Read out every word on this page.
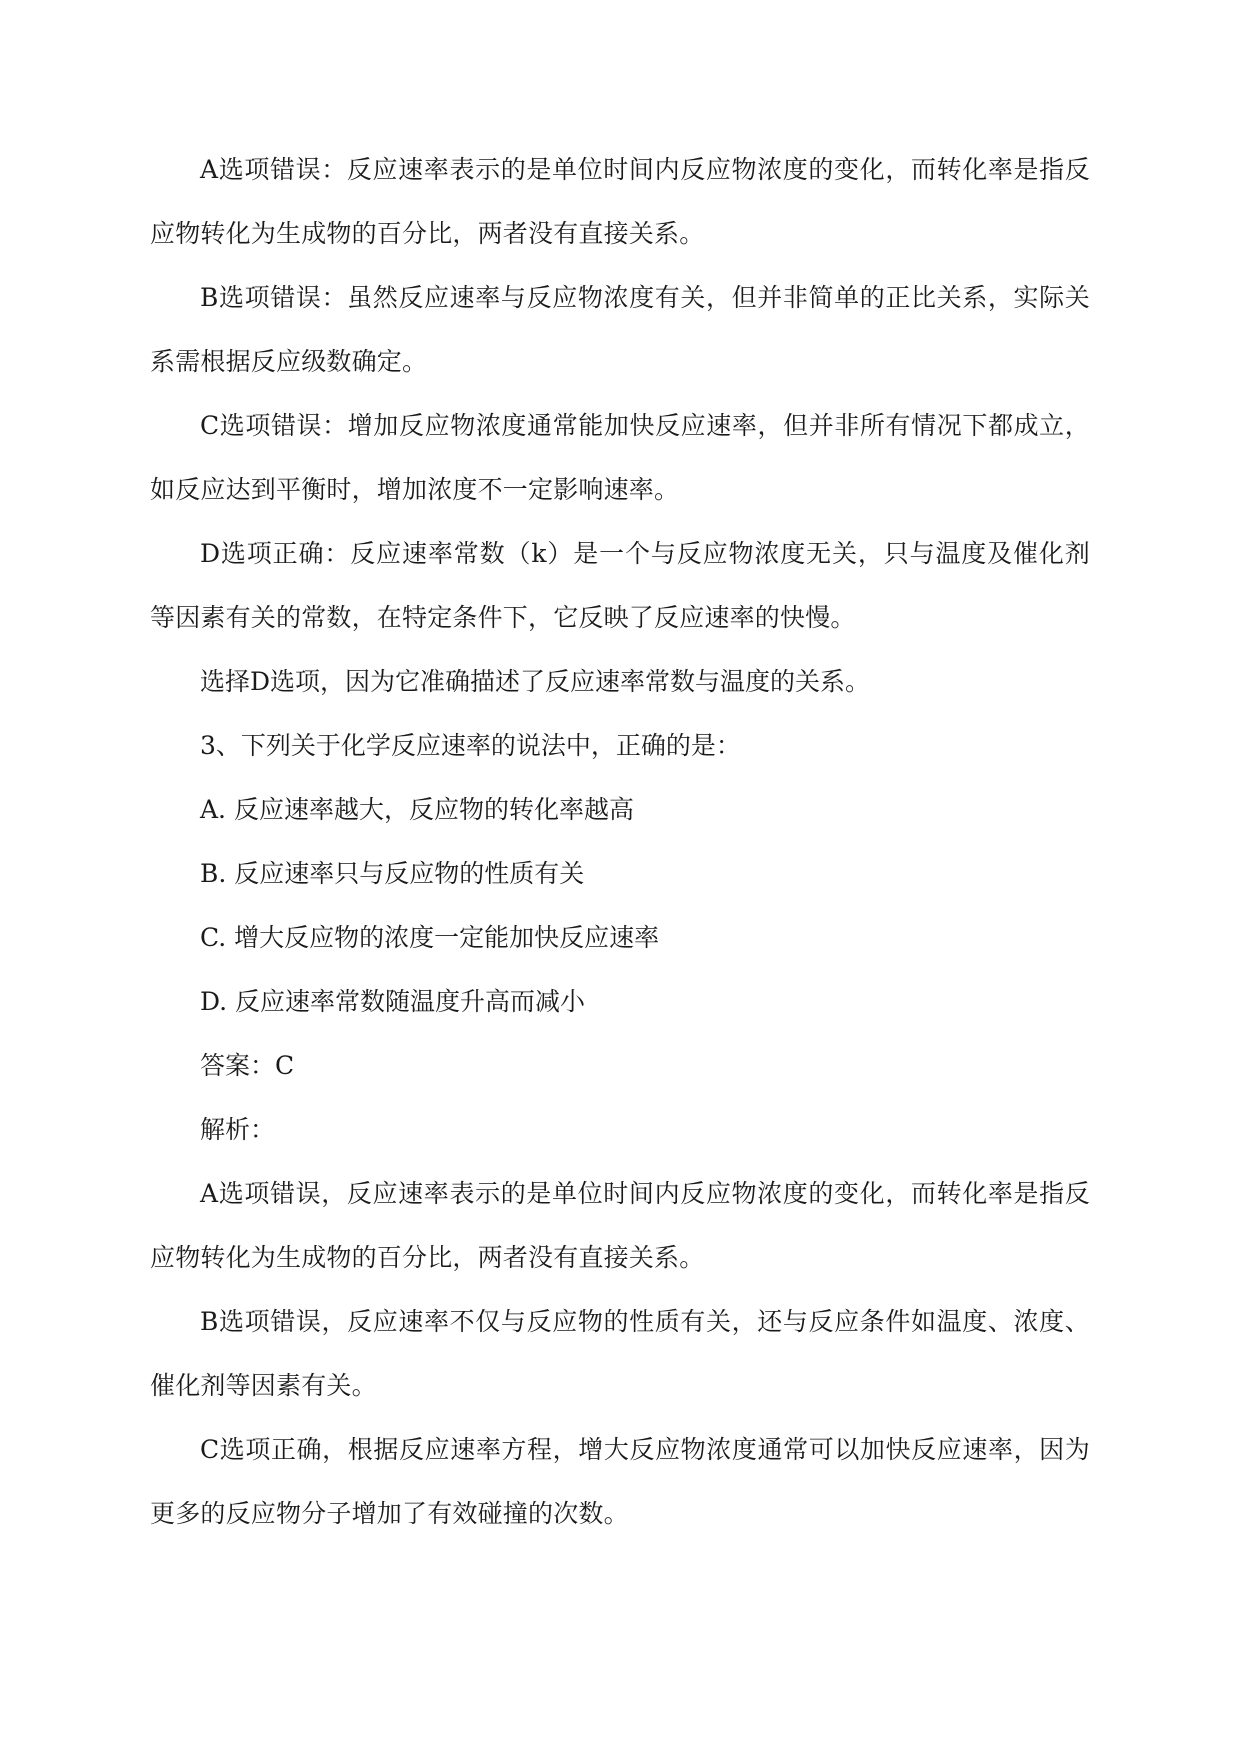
A选项错误：反应速率表示的是单位时间内反应物浓度的变化，而转化率是指反应物转化为生成物的百分比，两者没有直接关系。

B选项错误：虽然反应速率与反应物浓度有关，但并非简单的正比关系，实际关系需根据反应级数确定。

C选项错误：增加反应物浓度通常能加快反应速率，但并非所有情况下都成立，如反应达到平衡时，增加浓度不一定影响速率。

D选项正确：反应速率常数（k）是一个与反应物浓度无关，只与温度及催化剂等因素有关的常数，在特定条件下，它反映了反应速率的快慢。

选择D选项，因为它准确描述了反应速率常数与温度的关系。

3、下列关于化学反应速率的说法中，正确的是：

A. 反应速率越大，反应物的转化率越高

B. 反应速率只与反应物的性质有关

C. 增大反应物的浓度一定能加快反应速率

D. 反应速率常数随温度升高而减小

答案：C

解析：

A选项错误，反应速率表示的是单位时间内反应物浓度的变化，而转化率是指反应物转化为生成物的百分比，两者没有直接关系。

B选项错误，反应速率不仅与反应物的性质有关，还与反应条件如温度、浓度、催化剂等因素有关。

C选项正确，根据反应速率方程，增大反应物浓度通常可以加快反应速率，因为更多的反应物分子增加了有效碰撞的次数。
